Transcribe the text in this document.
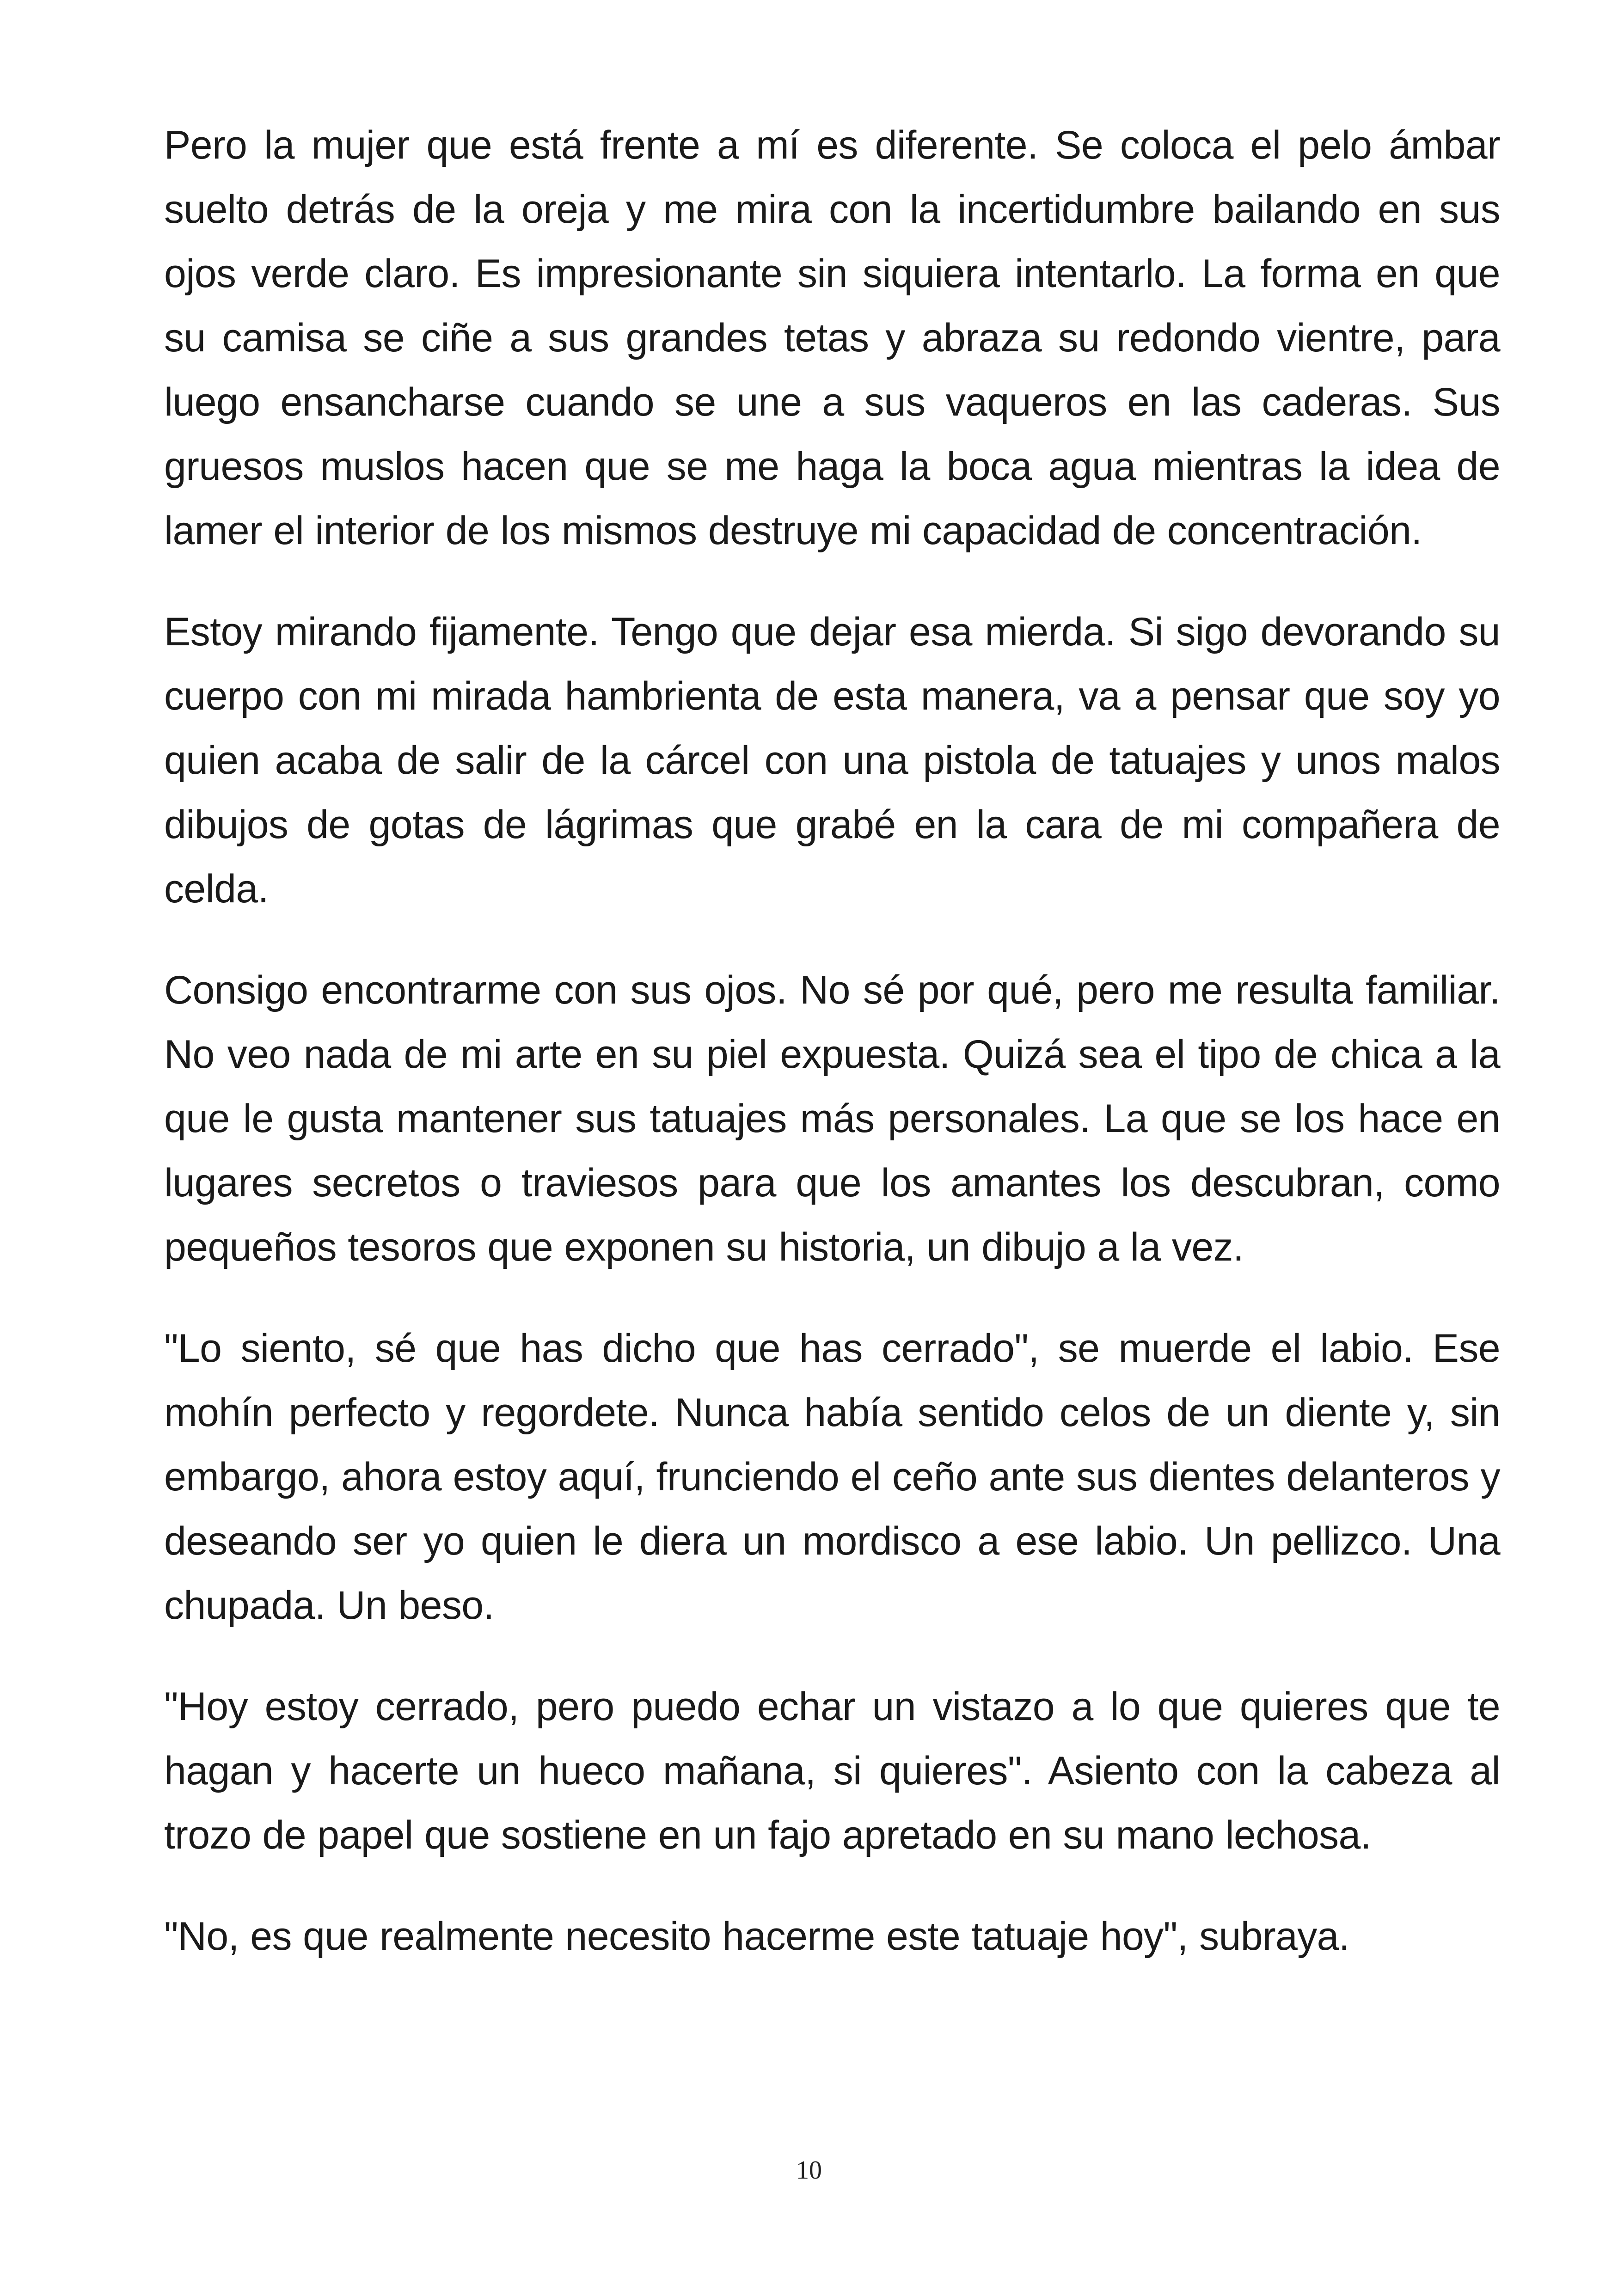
Pero la mujer que está frente a mí es diferente. Se coloca el pelo ámbar suelto detrás de la oreja y me mira con la incertidumbre bailando en sus ojos verde claro. Es impresionante sin siquiera intentarlo. La forma en que su camisa se ciñe a sus grandes tetas y abraza su redondo vientre, para luego ensancharse cuando se une a sus vaqueros en las caderas. Sus gruesos muslos hacen que se me haga la boca agua mientras la idea de lamer el interior de los mismos destruye mi capacidad de concentración.

Estoy mirando fijamente. Tengo que dejar esa mierda. Si sigo devorando su cuerpo con mi mirada hambrienta de esta manera, va a pensar que soy yo quien acaba de salir de la cárcel con una pistola de tatuajes y unos malos dibujos de gotas de lágrimas que grabé en la cara de mi compañera de celda.

Consigo encontrarme con sus ojos. No sé por qué, pero me resulta familiar. No veo nada de mi arte en su piel expuesta. Quizá sea el tipo de chica a la que le gusta mantener sus tatuajes más personales. La que se los hace en lugares secretos o traviesos para que los amantes los descubran, como pequeños tesoros que exponen su historia, un dibujo a la vez.

"Lo siento, sé que has dicho que has cerrado", se muerde el labio. Ese mohín perfecto y regordete. Nunca había sentido celos de un diente y, sin embargo, ahora estoy aquí, frunciendo el ceño ante sus dientes delanteros y deseando ser yo quien le diera un mordisco a ese labio. Un pellizco. Una chupada. Un beso.

"Hoy estoy cerrado, pero puedo echar un vistazo a lo que quieres que te hagan y hacerte un hueco mañana, si quieres". Asiento con la cabeza al trozo de papel que sostiene en un fajo apretado en su mano lechosa.

"No, es que realmente necesito hacerme este tatuaje hoy", subraya.

10
